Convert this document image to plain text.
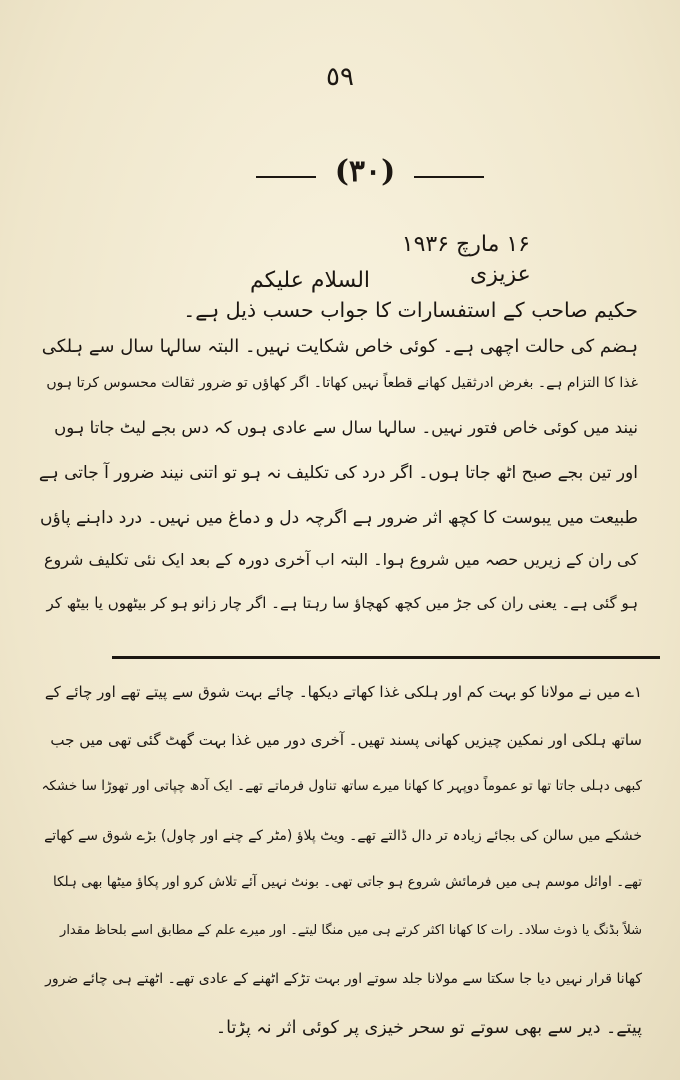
٥٩
(۳۰)
۱۶ مارچ ۱۹۳۶
السلام علیکم	عزیزی
حکیم صاحب کے استفسارات کا جواب حسب ذیل ہے۔
ہضم کی حالت اچھی ہے۔ کوئی خاص شکایت نہیں۔ البتہ سالہا سال سے ہلکی
غذا کا التزام ہے۔ بغرض ادرثقیل کھانے قطعاً نہیں کھاتا۔ اگر کھاؤں تو ضرور ثقالت محسوس کرتا ہوں
نیند میں کوئی خاص فتور نہیں۔ سالہا سال سے عادی ہوں کہ دس بجے لیٹ جاتا ہوں
اور تین بجے صبح اٹھ جاتا ہوں۔ اگر درد کی تکلیف نہ ہو تو اتنی نیند ضرور آ جاتی ہے
طبیعت میں یبوست کا کچھ اثر ضرور ہے اگرچہ دل و دماغ میں نہیں۔ درد داہنے پاؤں
کی ران کے زیریں حصہ میں شروع ہوا۔ البتہ اب آخری دورہ کے بعد ایک نئی تکلیف شروع
ہو گئی ہے۔ یعنی ران کی جڑ میں کچھ کھچاؤ سا رہتا ہے۔ اگر چار زانو ہو کر بیٹھوں یا بیٹھ کر
۱ے میں نے مولانا کو بہت کم اور ہلکی غذا کھاتے دیکھا۔ چائے بہت شوق سے پیتے تھے اور چائے کے
ساتھ ہلکی اور نمکین چیزیں کھانی پسند تھیں۔ آخری دور میں غذا بہت گھٹ گئی تھی میں جب
کبھی دہلی جاتا تھا تو عموماً دوپہر کا کھانا میرے ساتھ تناول فرماتے تھے۔ ایک آدھ چپاتی اور تھوڑا سا خشکہ
خشکے میں سالن کی بجائے زیادہ تر دال ڈالتے تھے۔ ویٹ پلاؤ (مٹر کے چنے اور چاول) بڑے شوق سے کھاتے
تھے۔ اوائل موسم ہی میں فرمائش شروع ہو جاتی تھی۔ بونٹ نہیں آئے تلاش کرو اور پکاؤ میٹھا بھی ہلکا
شلاً بڈنگ یا ذوث سلاد۔ رات کا کھانا اکثر کرتے ہی میں منگا لیتے۔ اور میرے علم کے مطابق اسے بلحاظ مقدار
کھانا قرار نہیں دیا جا سکتا سے مولانا جلد سوتے اور بہت تڑکے اٹھنے کے عادی تھے۔ اٹھتے ہی چائے ضرور
پیتے۔ دیر سے بھی سوتے تو سحر خیزی پر کوئی اثر نہ پڑتا۔
